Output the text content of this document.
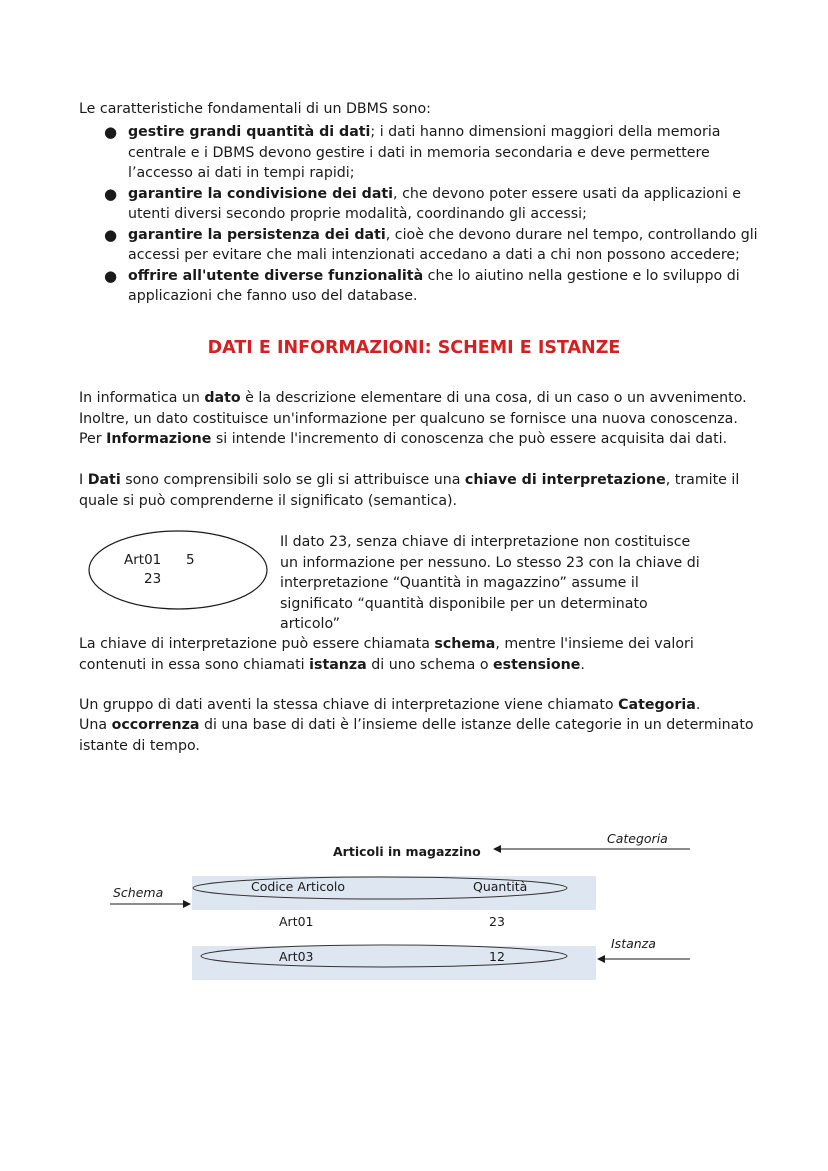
Le caratteristiche fondamentali di un DBMS sono:

● gestire grandi quantità di dati; i dati hanno dimensioni maggiori della memoria centrale e i DBMS devono gestire i dati in memoria secondaria e deve permettere l’accesso ai dati in tempi rapidi;
● garantire la condivisione dei dati, che devono poter essere usati da applicazioni e utenti diversi secondo proprie modalità, coordinando gli accessi;
● garantire la persistenza dei dati, cioè che devono durare nel tempo, controllando gli accessi per evitare che mali intenzionati accedano a dati a chi non possono accedere;
● offrire all'utente diverse funzionalità che lo aiutino nella gestione e lo sviluppo di applicazioni che fanno uso del database.
DATI E INFORMAZIONI: SCHEMI E ISTANZE

In informatica un dato è la descrizione elementare di una cosa, di un caso o un avvenimento. Inoltre, un dato costituisce un'informazione per qualcuno se fornisce una nuova conoscenza. Per Informazione si intende l'incremento di conoscenza che può essere acquisita dai dati.

I Dati sono comprensibili solo se gli si attribuisce una chiave di interpretazione, tramite il quale si può comprenderne il significato (semantica).

Art01 5
23

Il dato 23, senza chiave di interpretazione non costituisce un informazione per nessuno. Lo stesso 23 con la chiave di interpretazione “Quantità in magazzino” assume il significato “quantità disponibile per un determinato articolo”

La chiave di interpretazione può essere chiamata schema, mentre l'insieme dei valori contenuti in essa sono chiamati istanza di uno schema o estensione.

Un gruppo di dati aventi la stessa chiave di interpretazione viene chiamato Categoria.

Una occorrenza di una base di dati è l’insieme delle istanze delle categorie in un determinato istante di tempo.

Articoli in magazzino
Categoria
Schema
Istanza
Codice Articolo	Quantità
Art01	23
Art03	12
